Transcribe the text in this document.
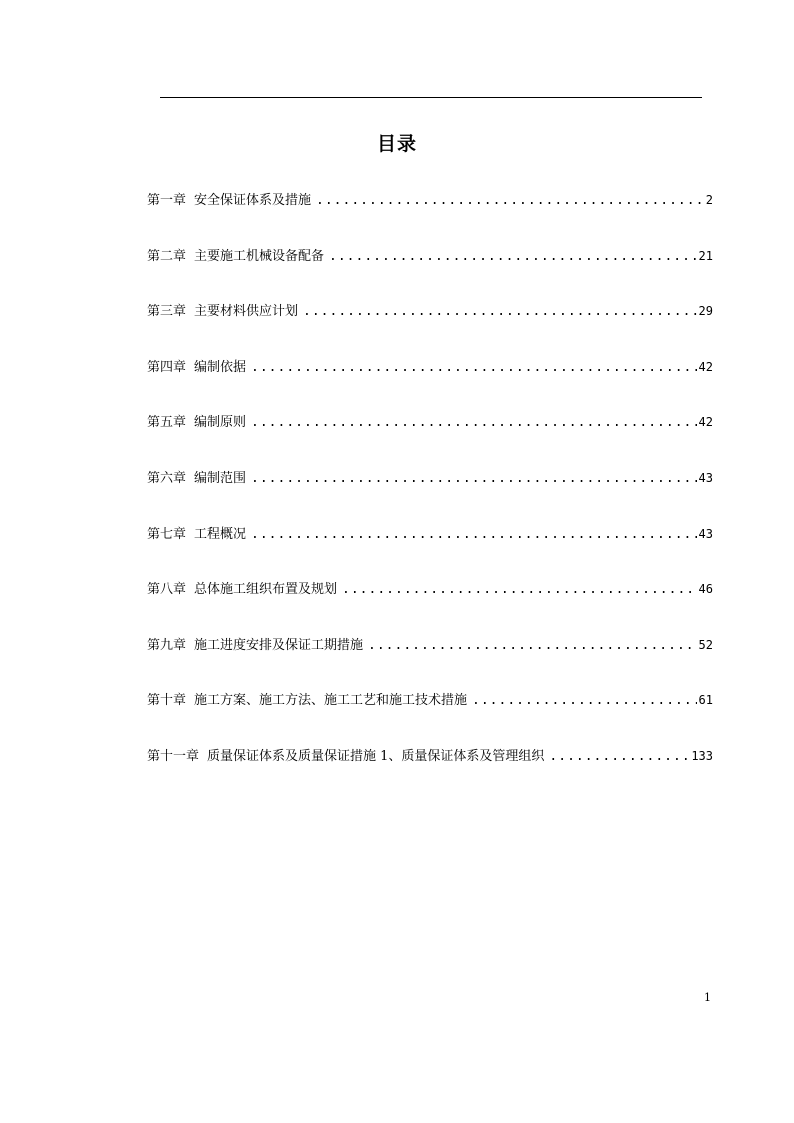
目录
第一章 安全保证体系及措施 .....	2
第二章 主要施工机械设备配备 .....	21
第三章 主要材料供应计划 .....	29
第四章 编制依据 .....	42
第五章 编制原则 .....	42
第六章 编制范围 .....	43
第七章 工程概况 .....	43
第八章 总体施工组织布置及规划 .....	46
第九章 施工进度安排及保证工期措施 .....	52
第十章 施工方案、施工方法、施工工艺和施工技术措施 .....	61
第十一章 质量保证体系及质量保证措施 1、质量保证体系及管理组织 .....	133
1
